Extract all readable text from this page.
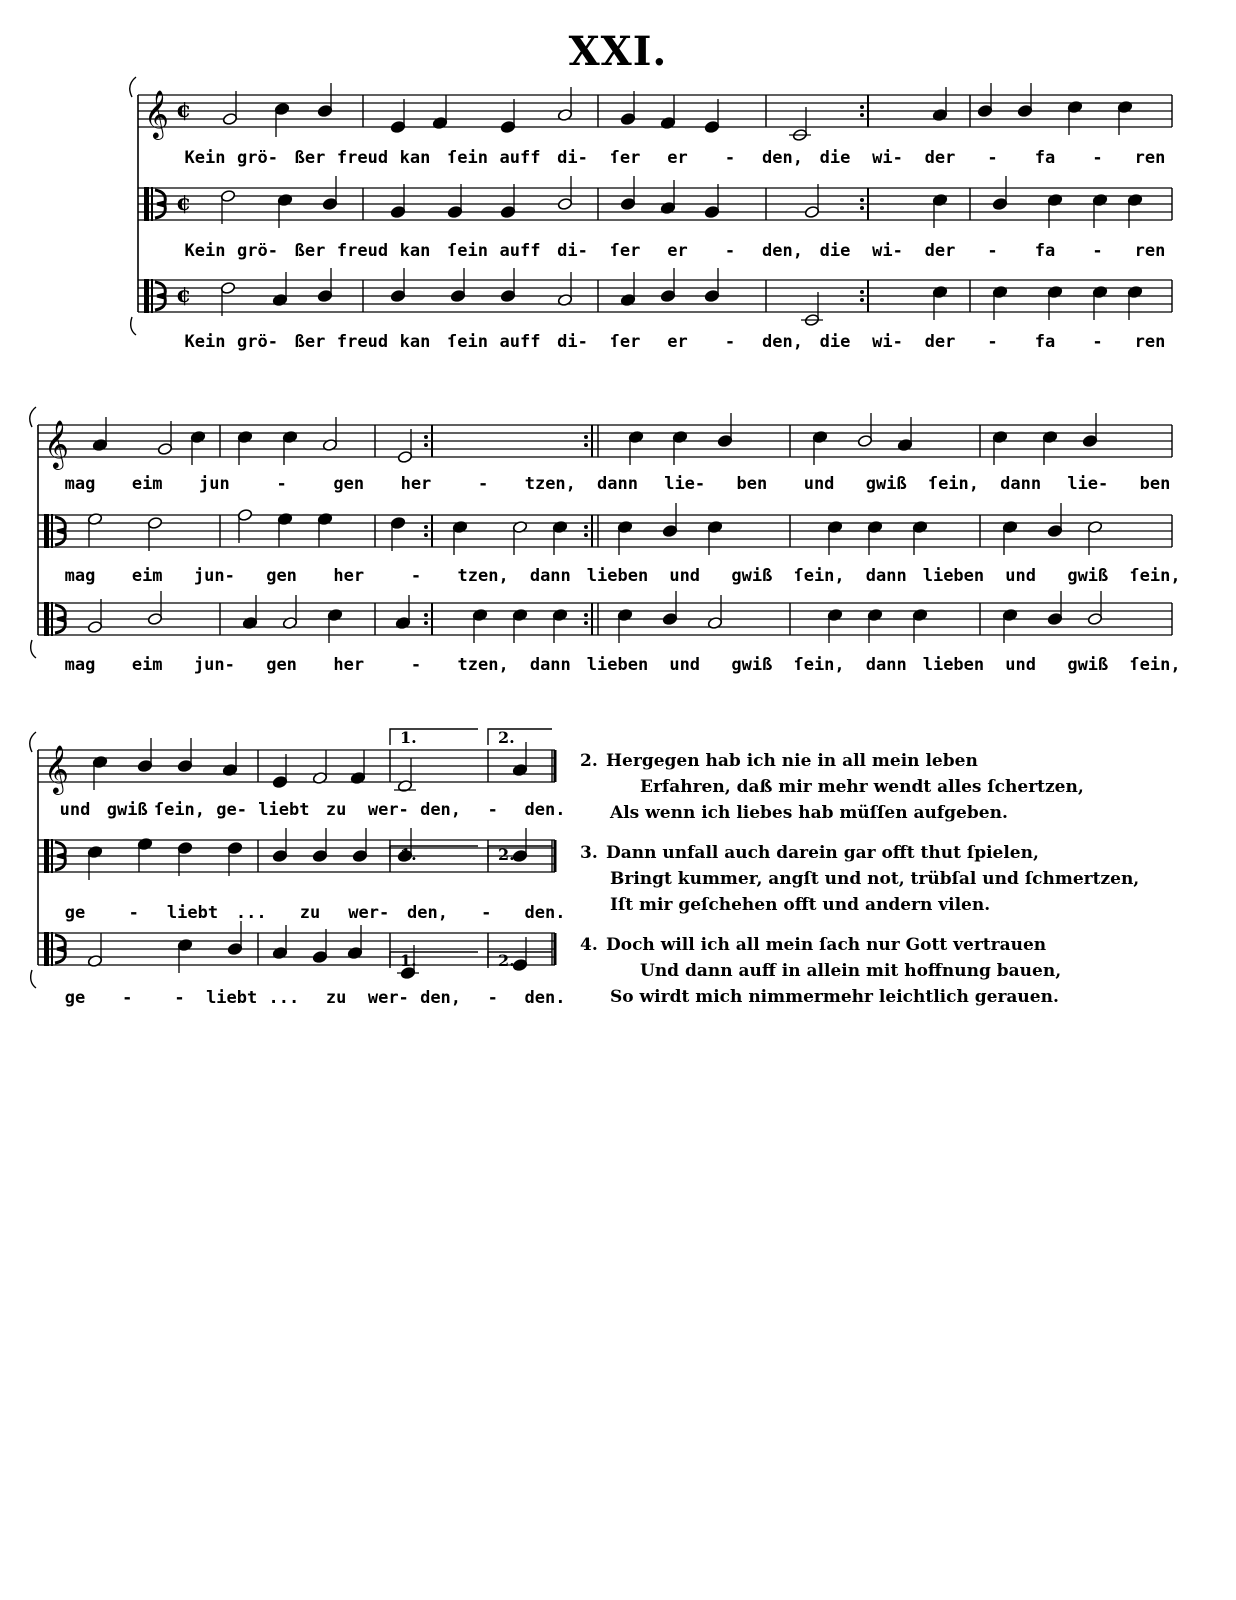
XXI.
𝄞 ¢
¢
¢
Kein grö- ßer freud kan ſein auff di- ſer er - den, die wi- der - fa - ren
Kein grö- ßer freud kan ſein auff di- ſer er - den, die wi- der - fa - ren
Kein grö- ßer freud kan ſein auff di- ſer er - den, die wi- der - fa - ren
𝄞
mag eim jun	-	gen her	- tzen, dann lie- ben und gwiß ſein, dann lie- ben
mag eim jun- gen her	- tzen, dann lieben und gwiß ſein, dann lieben und gwiß ſein,
mag eim jun- gen her	- tzen, dann lieben und gwiß ſein, dann lieben und gwiß ſein,
𝄞
und gwiß ſein, ge- liebt zu wer- den, - den.
ge	- liebt ... zu wer- den, - den.
ge - - liebt ... zu wer- den, - den.
1.	2.
1.	2.
1.	2.
2. Hergegen hab ich nie in all mein leben
Erfahren, daß mir mehr wendt alles ſchertzen,
Als wenn ich liebes hab müſſen aufgeben.
3. Dann unfall auch darein gar offt thut ſpielen,
Bringt kummer, angſt und not, trübſal und ſchmertzen,
Iſt mir geſchehen offt und andern vilen.
4. Doch will ich all mein ſach nur Gott vertrauen
Und dann auff in allein mit hoffnung bauen,
So wirdt mich nimmermehr leichtlich gerauen.
